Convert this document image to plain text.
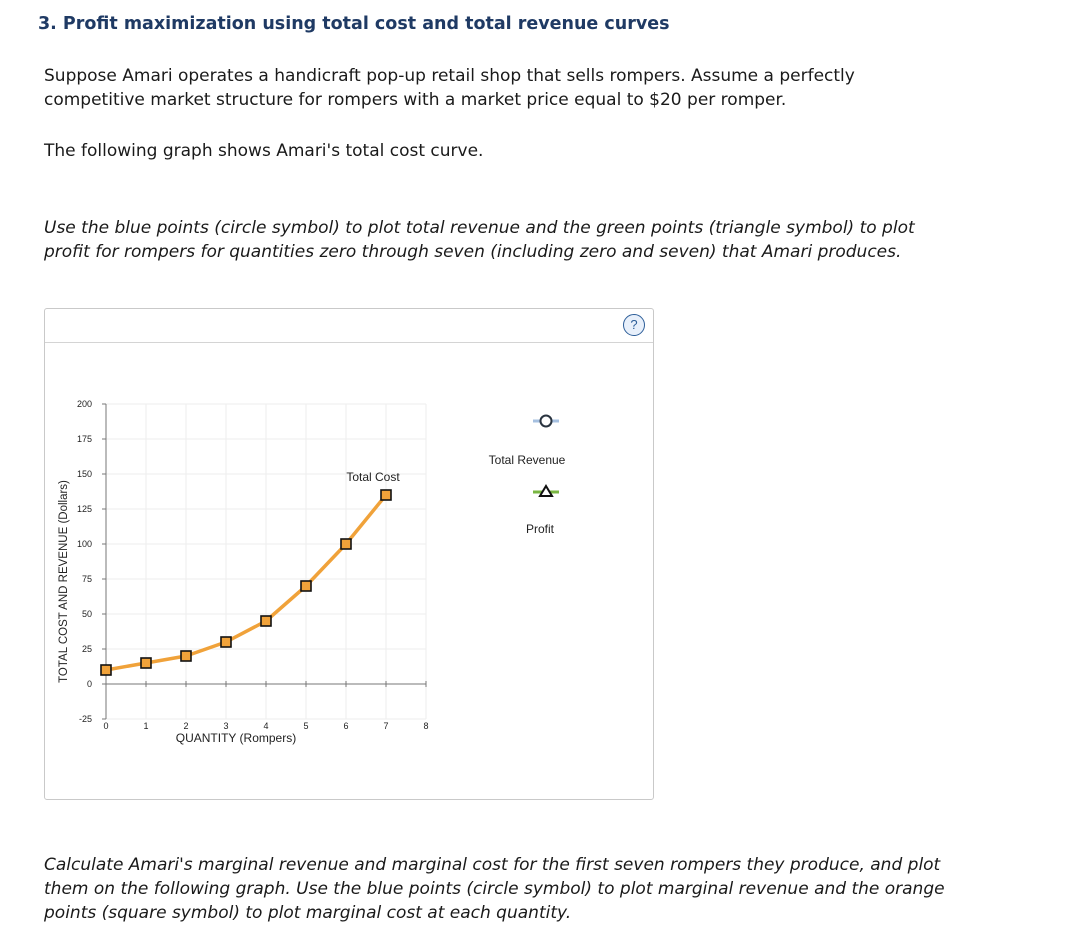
3. Profit maximization using total cost and total revenue curves

Suppose Amari operates a handicraft pop-up retail shop that sells rompers. Assume a perfectly competitive market structure for rompers with a market price equal to $20 per romper.

The following graph shows Amari's total cost curve.

Use the blue points (circle symbol) to plot total revenue and the green points (triangle symbol) to plot profit for rompers for quantities zero through seven (including zero and seven) that Amari produces.

?
-25
0
25
50
75
100
125
150
175
200
0	1	2	3	4	5	6	7	8
Total Cost
QUANTITY (Rompers)
TOTAL COST AND REVENUE (Dollars)
Total Revenue
Profit

Calculate Amari's marginal revenue and marginal cost for the first seven rompers they produce, and plot them on the following graph. Use the blue points (circle symbol) to plot marginal revenue and the orange points (square symbol) to plot marginal cost at each quantity.
